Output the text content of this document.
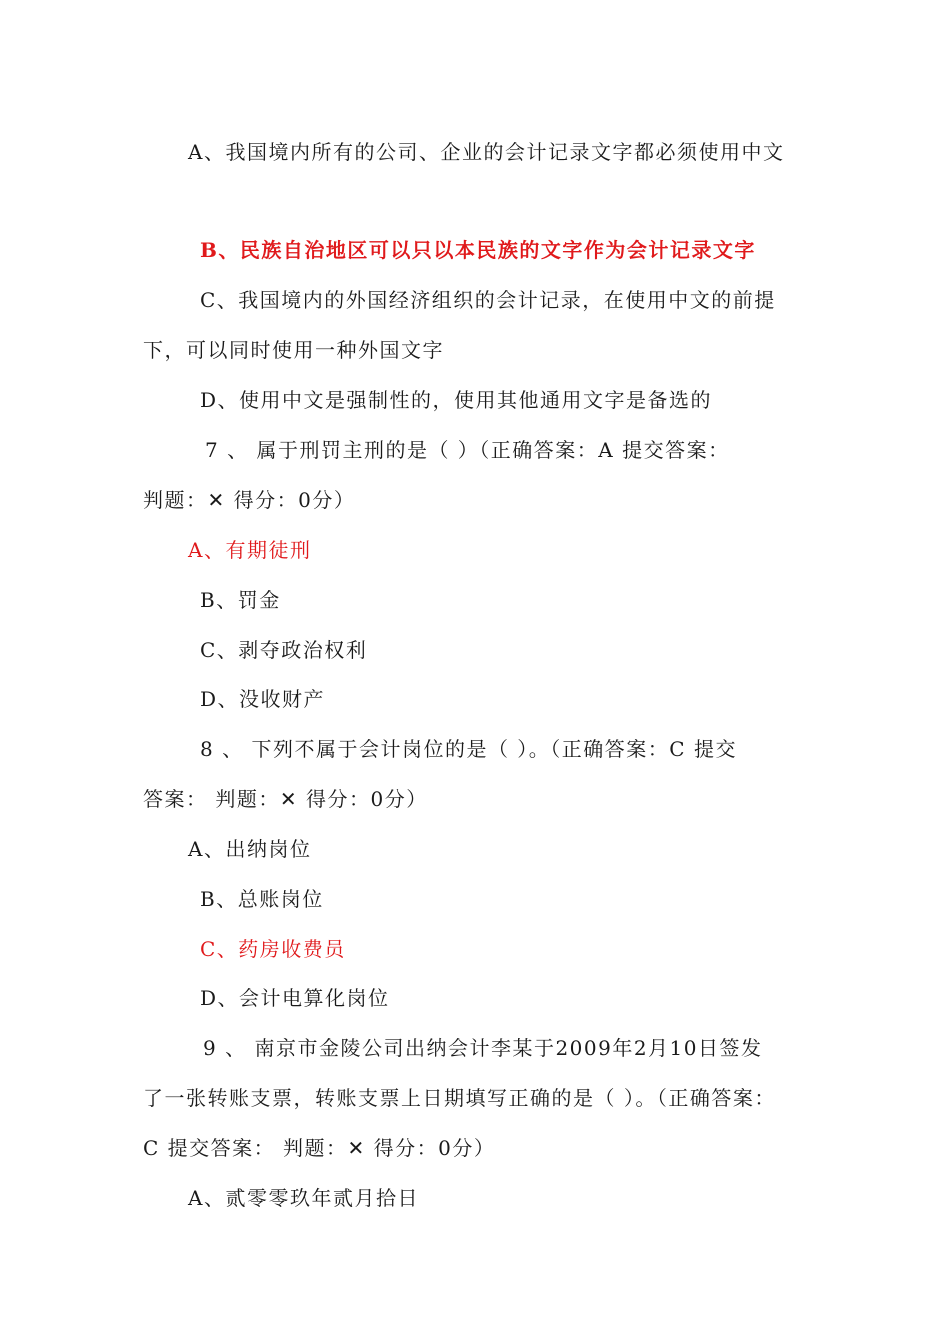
A、我国境内所有的公司、企业的会计记录文字都必须使用中文
B、民族自治地区可以只以本民族的文字作为会计记录文字
C、我国境内的外国经济组织的会计记录，在使用中文的前提
下，可以同时使用一种外国文字
D、使用中文是强制性的，使用其他通用文字是备选的
7 、 属于刑罚主刑的是（ ）（正确答案：A 提交答案：
判题：✕ 得分：0分）
A、有期徒刑
B、罚金
C、剥夺政治权利
D、没收财产
8 、 下列不属于会计岗位的是（ ）。（正确答案：C 提交
答案： 判题：✕ 得分：0分）
A、出纳岗位
B、总账岗位
C、药房收费员
D、会计电算化岗位
9 、 南京市金陵公司出纳会计李某于2009年2月10日签发
了一张转账支票，转账支票上日期填写正确的是（ ）。（正确答案：
C 提交答案： 判题：✕ 得分：0分）
A、贰零零玖年贰月拾日
